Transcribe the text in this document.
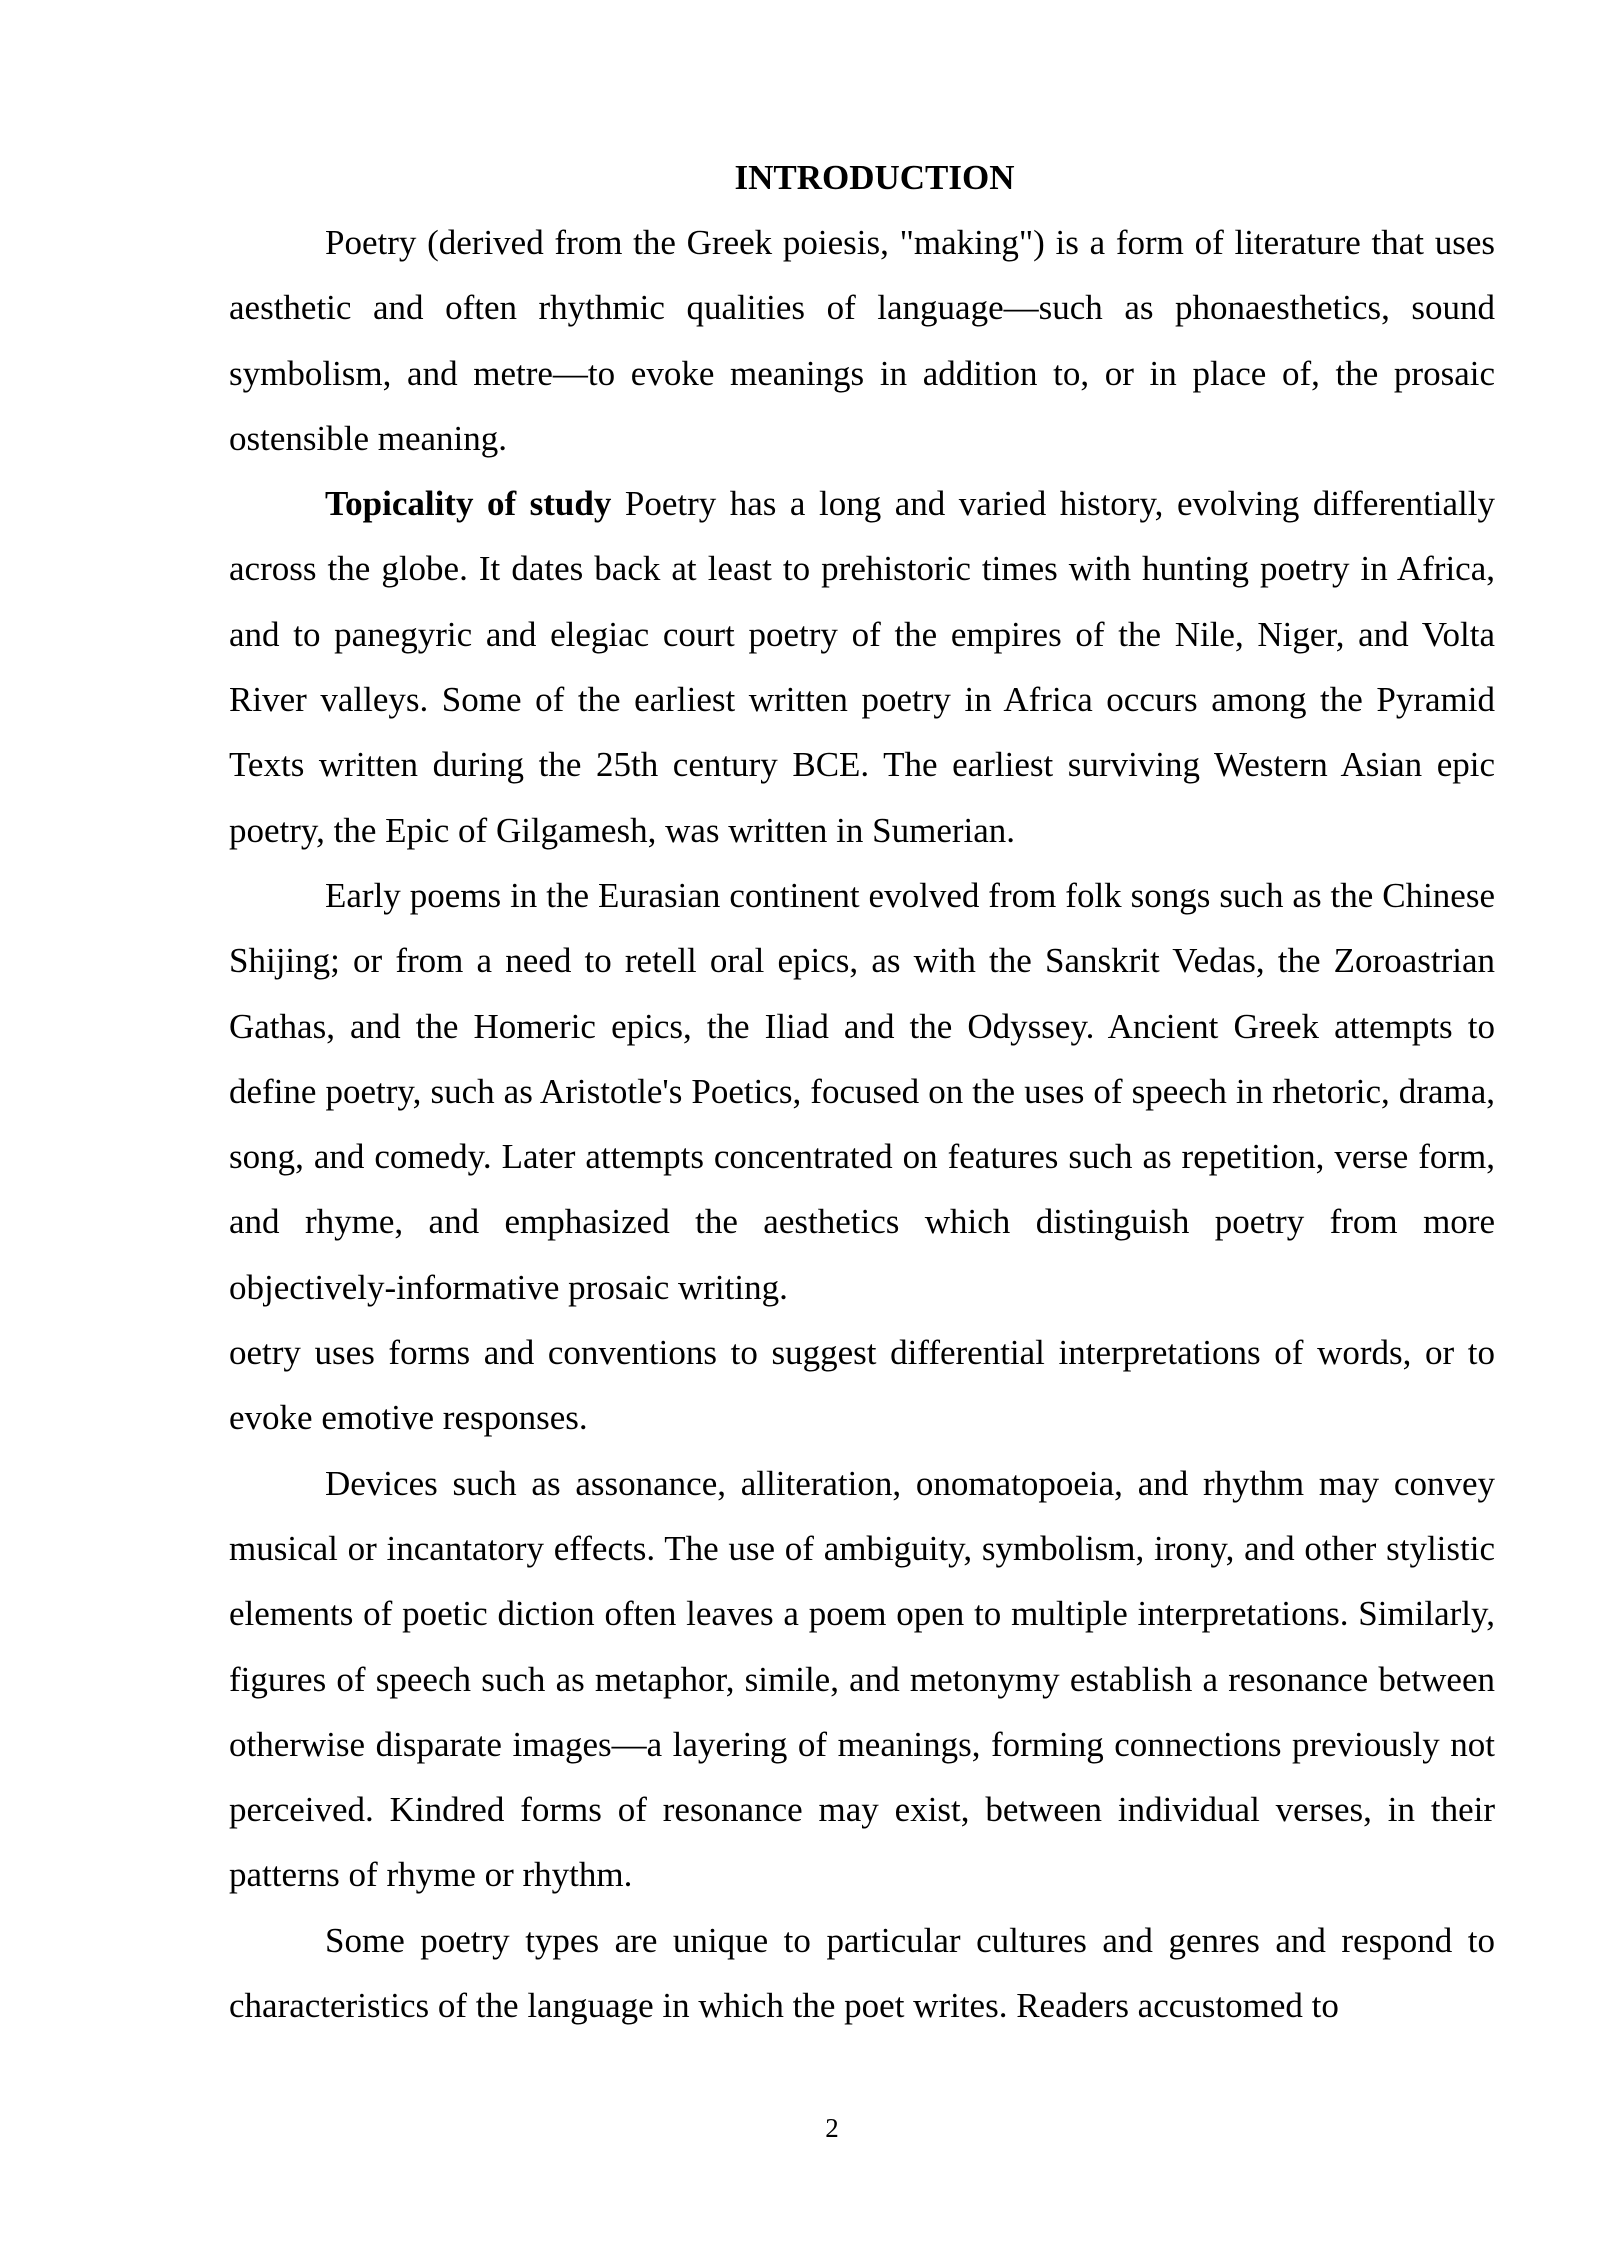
INTRODUCTION

Poetry (derived from the Greek poiesis, "making") is a form of literature that uses aesthetic and often rhythmic qualities of language—such as phonaesthetics, sound symbolism, and metre—to evoke meanings in addition to, or in place of, the prosaic ostensible meaning.

Topicality of study Poetry has a long and varied history, evolving differentially across the globe. It dates back at least to prehistoric times with hunting poetry in Africa, and to panegyric and elegiac court poetry of the empires of the Nile, Niger, and Volta River valleys. Some of the earliest written poetry in Africa occurs among the Pyramid Texts written during the 25th century BCE. The earliest surviving Western Asian epic poetry, the Epic of Gilgamesh, was written in Sumerian.

Early poems in the Eurasian continent evolved from folk songs such as the Chinese Shijing; or from a need to retell oral epics, as with the Sanskrit Vedas, the Zoroastrian Gathas, and the Homeric epics, the Iliad and the Odyssey. Ancient Greek attempts to define poetry, such as Aristotle's Poetics, focused on the uses of speech in rhetoric, drama, song, and comedy. Later attempts concentrated on features such as repetition, verse form, and rhyme, and emphasized the aesthetics which distinguish poetry from more objectively-informative prosaic writing.

oetry uses forms and conventions to suggest differential interpretations of words, or to evoke emotive responses.

Devices such as assonance, alliteration, onomatopoeia, and rhythm may convey musical or incantatory effects. The use of ambiguity, symbolism, irony, and other stylistic elements of poetic diction often leaves a poem open to multiple interpretations. Similarly, figures of speech such as metaphor, simile, and metonymy establish a resonance between otherwise disparate images—a layering of meanings, forming connections previously not perceived. Kindred forms of resonance may exist, between individual verses, in their patterns of rhyme or rhythm.

Some poetry types are unique to particular cultures and genres and respond to characteristics of the language in which the poet writes. Readers accustomed to

2
